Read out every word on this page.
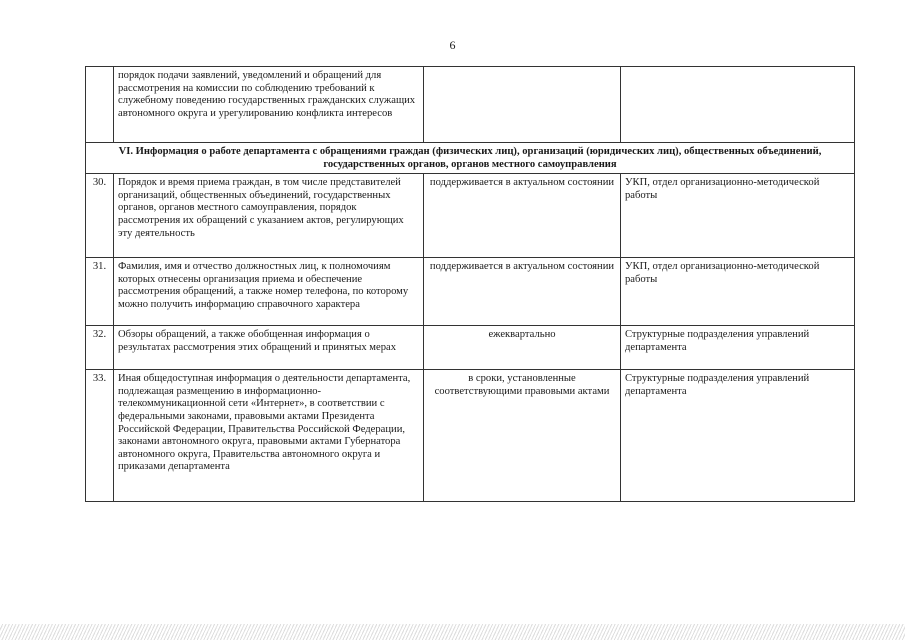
6
	порядок подачи заявлений, уведомлений и обращений для рассмотрения на комиссии по соблюдению требований к служебному поведению государственных гражданских служащих автономного округа и урегулированию конфликта интересов		
VI. Информация о работе департамента с обращениями граждан (физических лиц), организаций (юридических лиц), общественных объединений, государственных органов, органов местного самоуправления			
30.	Порядок и время приема граждан, в том числе представителей организаций, общественных объединений, государственных органов, органов местного самоуправления, порядок рассмотрения их обращений с указанием актов, регулирующих эту деятельность	поддерживается в актуальном состоянии	УКП, отдел организационно-методической работы
31.	Фамилия, имя и отчество должностных лиц, к полномочиям которых отнесены организация приема и обеспечение рассмотрения обращений, а также номер телефона, по которому можно получить информацию справочного характера	поддерживается в актуальном состоянии	УКП, отдел организационно-методической работы
32.	Обзоры обращений, а также обобщенная информация о результатах рассмотрения этих обращений и принятых мерах	ежеквартально	Структурные подразделения управлений департамента
33.	Иная общедоступная информация о деятельности департамента, подлежащая размещению в информационно-телекоммуникационной сети «Интернет», в соответствии с федеральными законами, правовыми актами Президента Российской Федерации, Правительства Российской Федерации, законами автономного округа, правовыми актами Губернатора автономного округа, Правительства автономного округа и приказами департамента	в сроки, установленные соответствующими правовыми актами	Структурные подразделения управлений департамента
